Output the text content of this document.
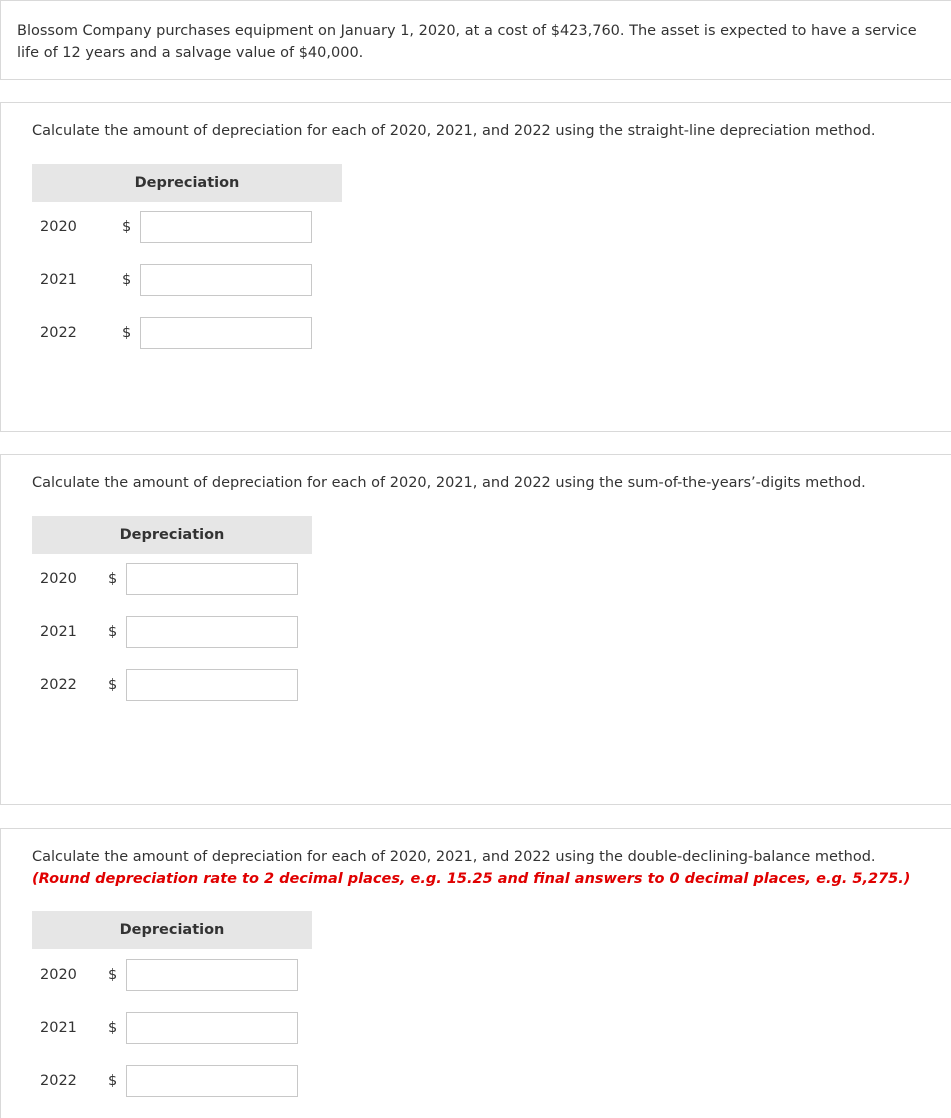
Blossom Company purchases equipment on January 1, 2020, at a cost of $423,760. The asset is expected to have a service life of 12 years and a salvage value of $40,000.

Calculate the amount of depreciation for each of 2020, 2021, and 2022 using the straight-line depreciation method.

Depreciation
2020	$
2021	$
2022	$

Calculate the amount of depreciation for each of 2020, 2021, and 2022 using the sum-of-the-years’-digits method.

Depreciation
2020 $
2021 $
2022 $

Calculate the amount of depreciation for each of 2020, 2021, and 2022 using the double-declining-balance method. (Round depreciation rate to 2 decimal places, e.g. 15.25 and final answers to 0 decimal places, e.g. 5,275.)

Depreciation
2020 $
2021 $
2022 $
